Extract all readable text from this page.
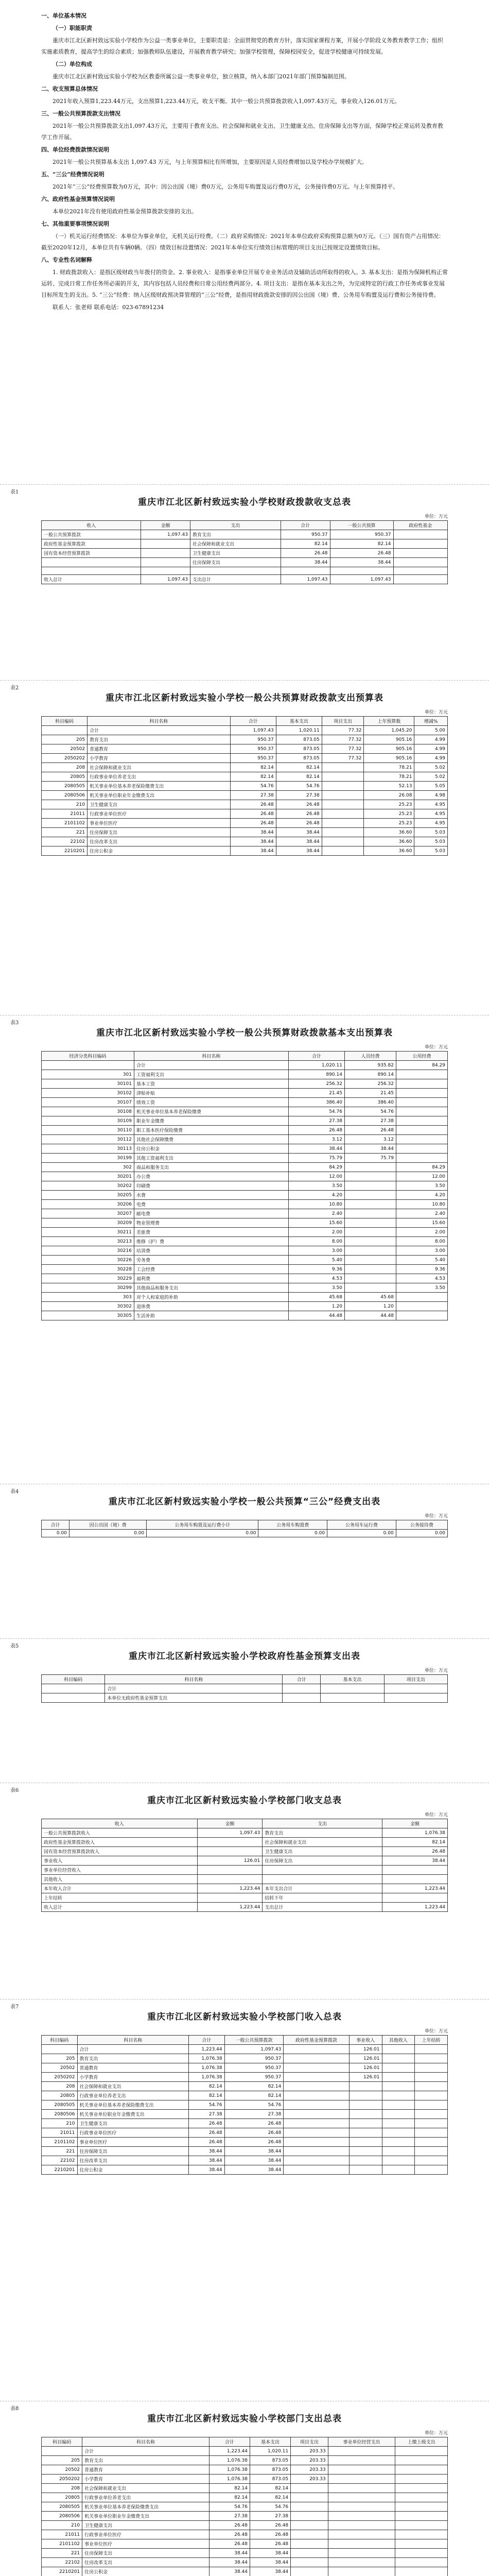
一、单位基本情况

（一）职能职责

重庆市江北区新村致远实验小学校作为公益一类事业单位，主要职责是：全面贯彻党的教育方针，落实国家课程方案，开展小学阶段义务教育教学工作；组织实施素质教育，提高学生的综合素质；加强教师队伍建设，开展教育教学研究；加强学校管理，保障校园安全，促进学校健康可持续发展。

（二）单位构成

重庆市江北区新村致远实验小学校为区教委所属公益一类事业单位，独立核算，纳入本部门2021年部门预算编制范围。

二、收支预算总体情况

2021年收入预算1,223.44万元，支出预算1,223.44万元，收支平衡。其中一般公共预算拨款收入1,097.43万元，事业收入126.01万元。

三、一般公共预算拨款支出情况

2021年一般公共预算拨款支出1,097.43万元，主要用于教育支出、社会保障和就业支出、卫生健康支出、住房保障支出等方面，保障学校正常运转及教育教学工作开展。

四、单位经费拨款情况说明

2021年一般公共预算基本支出 1,097.43 万元，与上年预算相比有所增加，主要原因是人员经费增加以及学校办学规模扩大。

五、“三公”经费情况说明

2021年“三公”经费预算数为0万元，其中：因公出国（境）费0万元，公务用车购置及运行费0万元，公务接待费0万元。与上年预算持平。

六、政府性基金预算情况说明

本单位2021年没有使用政府性基金预算拨款安排的支出。

七、其他重要事项情况说明

（一）机关运行经费情况：本单位为事业单位，无机关运行经费。（二）政府采购情况：2021年本单位政府采购预算总额为0万元。（三）国有资产占用情况：截至2020年12月，本单位共有车辆0辆。（四）绩效目标设置情况：2021年本单位实行绩效目标管理的项目支出已按规定设置绩效目标。

八、专业性名词解释

1. 财政拨款收入：是指区级财政当年拨付的资金。2. 事业收入：是指事业单位开展专业业务活动及辅助活动所取得的收入。3. 基本支出：是指为保障机构正常运转、完成日常工作任务所必需的开支，其内容包括人员经费和日常公用经费两部分。4. 项目支出：是指在基本支出之外，为完成特定的行政工作任务或事业发展目标所发生的支出。5. “三公”经费：纳入区级财政预决算管理的“三公”经费，是指用财政拨款安排的因公出国（境）费、公务用车购置及运行费和公务接待费。

联系人：张老师 联系电话：023-67891234

表1
重庆市江北区新村致远实验小学校财政拨款收支总表
单位：万元
收入	金额	支出	合计	一般公共预算	政府性基金
一般公共预算拨款	1,097.43	教育支出	950.37	950.37	
政府性基金预算拨款		社会保障和就业支出	82.14	82.14	
国有资本经营预算拨款		卫生健康支出	26.48	26.48	
		住房保障支出	38.44	38.44	

收入总计	1,097.43	支出总计	1,097.43	1,097.43	
表2
重庆市江北区新村致远实验小学校一般公共预算财政拨款支出预算表
单位：万元
科目编码	科目名称	合计	基本支出	项目支出	上年预算数	增减%
	合计	1,097.43	1,020.11	77.32	1,045.20	5.00
205	教育支出	950.37	873.05	77.32	905.16	4.99
20502	普通教育	950.37	873.05	77.32	905.16	4.99
2050202	小学教育	950.37	873.05	77.32	905.16	4.99
208	社会保障和就业支出	82.14	82.14		78.21	5.02
20805	行政事业单位养老支出	82.14	82.14		78.21	5.02
2080505	机关事业单位基本养老保险缴费支出	54.76	54.76		52.13	5.05
2080506	机关事业单位职业年金缴费支出	27.38	27.38		26.08	4.98
210	卫生健康支出	26.48	26.48		25.23	4.95
21011	行政事业单位医疗	26.48	26.48		25.23	4.95
2101102	事业单位医疗	26.48	26.48		25.23	4.95
221	住房保障支出	38.44	38.44		36.60	5.03
22102	住房改革支出	38.44	38.44		36.60	5.03
2210201	住房公积金	38.44	38.44		36.60	5.03
表3
重庆市江北区新村致远实验小学校一般公共预算财政拨款基本支出预算表
单位：万元
经济分类科目编码	科目名称	合计	人员经费	公用经费
	合计	1,020.11	935.82	84.29
301	工资福利支出	890.14	890.14	
30101	基本工资	256.32	256.32	
30102	津贴补贴	21.45	21.45	
30107	绩效工资	386.40	386.40	
30108	机关事业单位基本养老保险缴费	54.76	54.76	
30109	职业年金缴费	27.38	27.38	
30110	职工基本医疗保险缴费	26.48	26.48	
30112	其他社会保障缴费	3.12	3.12	
30113	住房公积金	38.44	38.44	
30199	其他工资福利支出	75.79	75.79	
302	商品和服务支出	84.29		84.29
30201	办公费	12.00		12.00
30202	印刷费	3.50		3.50
30205	水费	4.20		4.20
30206	电费	10.80		10.80
30207	邮电费	2.40		2.40
30209	物业管理费	15.60		15.60
30211	差旅费	2.00		2.00
30213	维修（护）费	8.00		8.00
30216	培训费	3.00		3.00
30226	劳务费	5.40		5.40
30228	工会经费	9.36		9.36
30229	福利费	4.53		4.53
30299	其他商品和服务支出	3.50		3.50
303	对个人和家庭的补助	45.68	45.68	
30302	退休费	1.20	1.20	
30305	生活补助	44.48	44.48	
表4
重庆市江北区新村致远实验小学校一般公共预算“三公”经费支出表
单位：万元
合计	因公出国（境）费	公务用车购置及运行费小计	公务用车购置费	公务用车运行费	公务接待费
0.00	0.00	0.00	0.00	0.00	0.00
表5
重庆市江北区新村致远实验小学校政府性基金预算支出表
单位：万元
科目编码	科目名称	合计	基本支出	项目支出
	合计			
	本单位无政府性基金预算支出			
表6
重庆市江北区新村致远实验小学校部门收支总表
单位：万元
收入	金额	支出	金额
一般公共预算拨款收入	1,097.43	教育支出	1,076.38
政府性基金预算拨款收入		社会保障和就业支出	82.14
国有资本经营预算拨款收入		卫生健康支出	26.48
事业收入	126.01	住房保障支出	38.44
事业单位经营收入			
其他收入			
本年收入合计	1,223.44	本年支出合计	1,223.44
上年结转		结转下年	
收入总计	1,223.44	支出总计	1,223.44
表7
重庆市江北区新村致远实验小学校部门收入总表
单位：万元
科目编码	科目名称	合计	一般公共预算拨款	政府性基金预算拨款	事业收入	其他收入	上年结转
	合计	1,223.44	1,097.43		126.01		
205	教育支出	1,076.38	950.37		126.01		
20502	普通教育	1,076.38	950.37		126.01		
2050202	小学教育	1,076.38	950.37		126.01		
208	社会保障和就业支出	82.14	82.14				
20805	行政事业单位养老支出	82.14	82.14				
2080505	机关事业单位基本养老保险缴费支出	54.76	54.76				
2080506	机关事业单位职业年金缴费支出	27.38	27.38				
210	卫生健康支出	26.48	26.48				
21011	行政事业单位医疗	26.48	26.48				
2101102	事业单位医疗	26.48	26.48				
221	住房保障支出	38.44	38.44				
22102	住房改革支出	38.44	38.44				
2210201	住房公积金	38.44	38.44				
表8
重庆市江北区新村致远实验小学校部门支出总表
单位：万元
科目编码	科目名称	合计	基本支出	项目支出	事业单位经营支出	上缴上级支出
	合计	1,223.44	1,020.11	203.33		
205	教育支出	1,076.38	873.05	203.33		
20502	普通教育	1,076.38	873.05	203.33		
2050202	小学教育	1,076.38	873.05	203.33		
208	社会保障和就业支出	82.14	82.14			
20805	行政事业单位养老支出	82.14	82.14			
2080505	机关事业单位基本养老保险缴费支出	54.76	54.76			
2080506	机关事业单位职业年金缴费支出	27.38	27.38			
210	卫生健康支出	26.48	26.48			
21011	行政事业单位医疗	26.48	26.48			
2101102	事业单位医疗	26.48	26.48			
221	住房保障支出	38.44	38.44			
22102	住房改革支出	38.44	38.44			
2210201	住房公积金	38.44	38.44			
